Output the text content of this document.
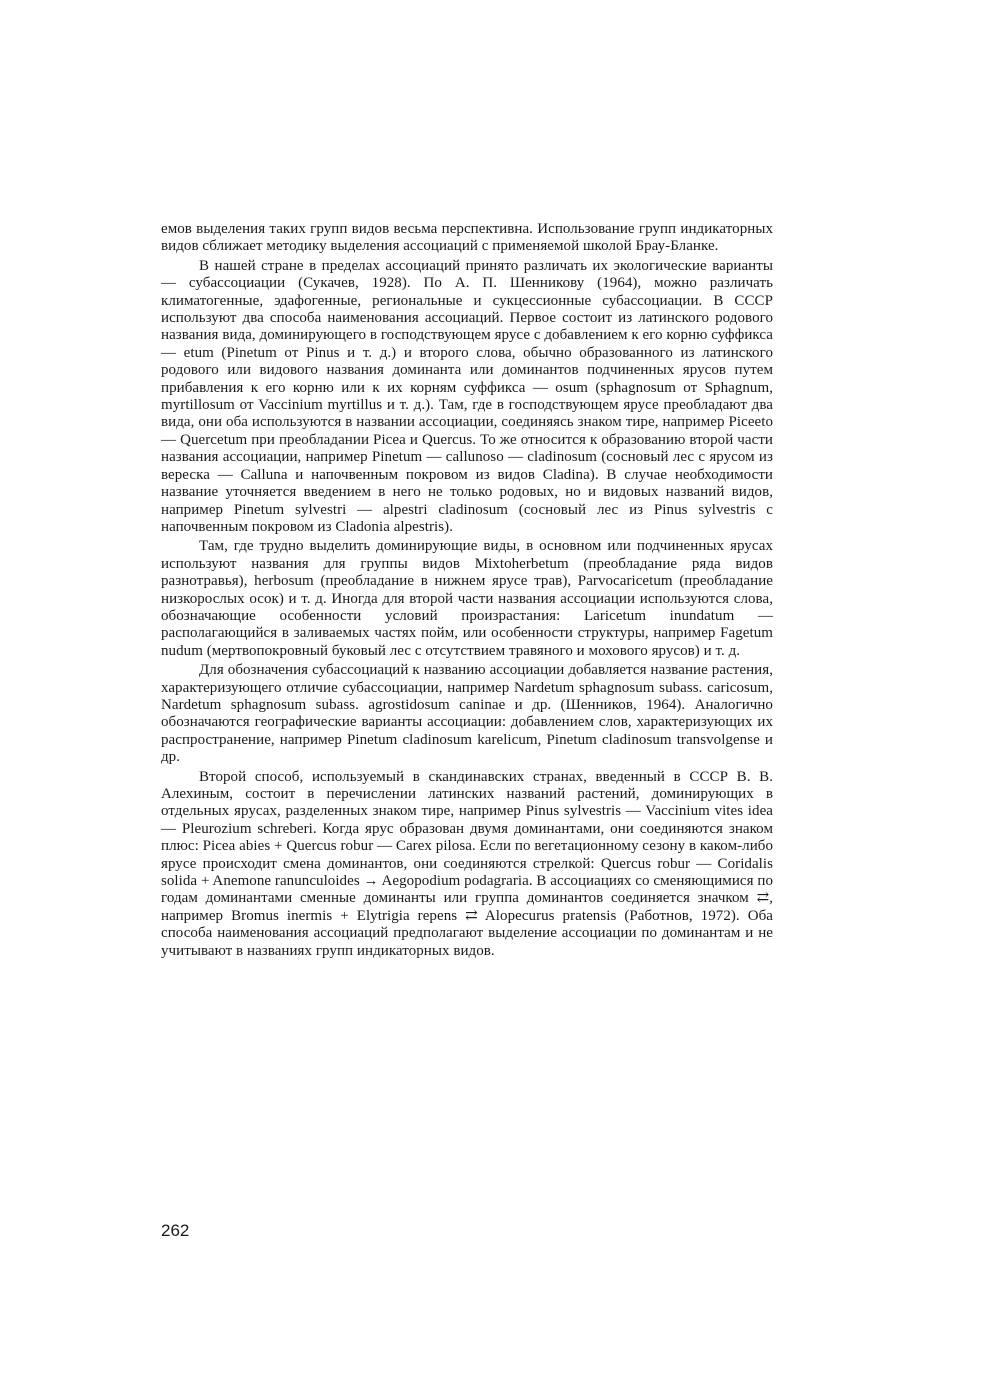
емов выделения таких групп видов весьма перспективна. Использование групп индикаторных видов сближает методику выделения ассоциаций с применяемой школой Брау-Бланке.

В нашей стране в пределах ассоциаций принято различать их экологические варианты — субассоциации (Сукачев, 1928). По А. П. Шенникову (1964), можно различать климатогенные, эдафогенные, региональные и сукцессионные субассоциации. В СССР используют два способа наименования ассоциаций. Первое состоит из латинского родового названия вида, доминирующего в господствующем ярусе с добавлением к его корню суффикса — etum (Pinetum от Pinus и т. д.) и второго слова, обычно образованного из латинского родового или видового названия доминанта или доминантов подчиненных ярусов путем прибавления к его корню или к их корням суффикса — osum (sphagnosum от Sphagnum, myrtillosum от Vaccinium myrtillus и т. д.). Там, где в господствующем ярусе преобладают два вида, они оба используются в названии ассоциации, соединяясь знаком тире, например Piceeto — Quercetum при преобладании Picea и Quercus. То же относится к образованию второй части названия ассоциации, например Pinetum — callunoso — cladinosum (сосновый лес с ярусом из вереска — Calluna и напочвенным покровом из видов Cladina). В случае необходимости название уточняется введением в него не только родовых, но и видовых названий видов, например Pinetum sylvestri — alpestri cladinosum (сосновый лес из Pinus sylvestris с напочвенным покровом из Cladonia alpestris).

Там, где трудно выделить доминирующие виды, в основном или подчиненных ярусах используют названия для группы видов Mixtoherbetum (преобладание ряда видов разнотравья), herbosum (преобладание в нижнем ярусе трав), Parvocaricetum (преобладание низкорослых осок) и т. д. Иногда для второй части названия ассоциации используются слова, обозначающие особенности условий произрастания: Laricetum inundatum — располагающийся в заливаемых частях пойм, или особенности структуры, например Fagetum nudum (мертвопокровный буковый лес с отсутствием травяного и мохового ярусов) и т. д.

Для обозначения субассоциаций к названию ассоциации добавляется название растения, характеризующего отличие субассоциации, например Nardetum sphagnosum subass. caricosum, Nardetum sphagnosum subass. agrostidosum caninae и др. (Шенников, 1964). Аналогично обозначаются географические варианты ассоциации: добавлением слов, характеризующих их распространение, например Pinetum cladinosum karelicum, Pinetum cladinosum transvolgense и др.

Второй способ, используемый в скандинавских странах, введенный в СССР В. В. Алехиным, состоит в перечислении латинских названий растений, доминирующих в отдельных ярусах, разделенных знаком тире, например Pinus sylvestris — Vaccinium vites idea — Pleurozium schreberi. Когда ярус образован двумя доминантами, они соединяются знаком плюс: Picea abies + Quercus robur — Carex pilosa. Если по вегетационному сезону в каком-либо ярусе происходит смена доминантов, они соединяются стрелкой: Quercus robur — Coridalis solida + Anemone ranunculoides → Aegopodium podagraria. В ассоциациях со сменяющимися по годам доминантами сменные доминанты или группа доминантов соединяется значком ⇄, например Bromus inermis + Elytrigia repens ⇄ Alopecurus pratensis (Работнов, 1972). Оба способа наименования ассоциаций предполагают выделение ассоциации по доминантам и не учитывают в названиях групп индикаторных видов.

262
